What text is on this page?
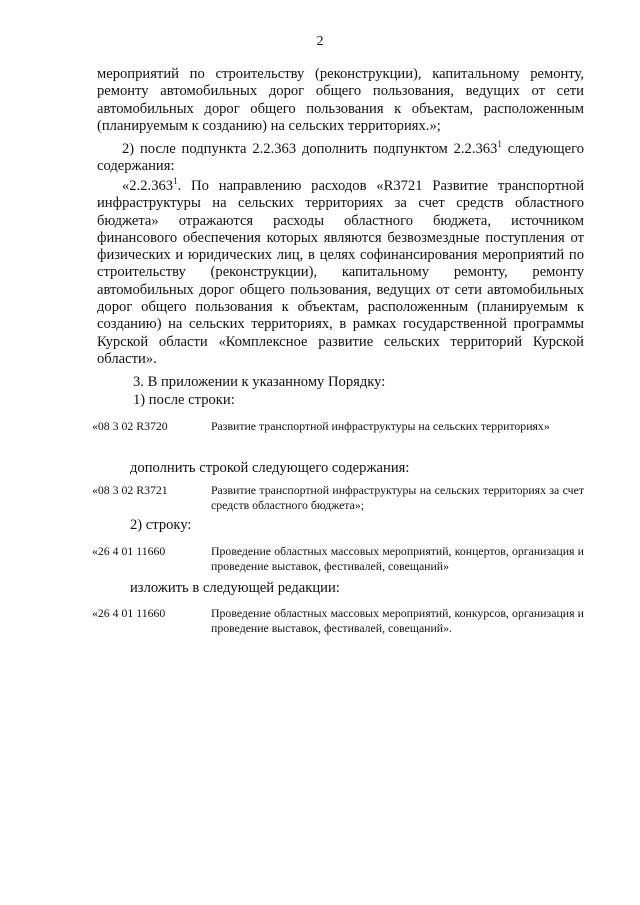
2

мероприятий по строительству (реконструкции), капитальному ремонту, ремонту автомобильных дорог общего пользования, ведущих от сети автомобильных дорог общего пользования к объектам, расположенным (планируемым к созданию) на сельских территориях.»;

2) после подпункта 2.2.363 дополнить подпунктом 2.2.363$^1$ следующего содержания:

«2.2.363$^1$. По направлению расходов «R3721 Развитие транспортной инфраструктуры на сельских территориях за счет средств областного бюджета» отражаются расходы областного бюджета, источником финансового обеспечения которых являются безвозмездные поступления от физических и юридических лиц, в целях софинансирования мероприятий по строительству (реконструкции), капитальному ремонту, ремонту автомобильных дорог общего пользования, ведущих от сети автомобильных дорог общего пользования к объектам, расположенным (планируемым к созданию) на сельских территориях, в рамках государственной программы Курской области «Комплексное развитие сельских территорий Курской области».

3. В приложении к указанному Порядку:
1) после строки:
«08 3 02 R3720	Развитие транспортной инфраструктуры на сельских территориях»
дополнить строкой следующего содержания:
«08 3 02 R3721	Развитие транспортной инфраструктуры на сельских территориях за счет средств областного бюджета»;
2) строку:
«26 4 01 11660	Проведение областных массовых мероприятий, концертов, организация и проведение выставок, фестивалей, совещаний»
изложить в следующей редакции:
«26 4 01 11660	Проведение областных массовых мероприятий, конкурсов, организация и проведение выставок, фестивалей, совещаний».
